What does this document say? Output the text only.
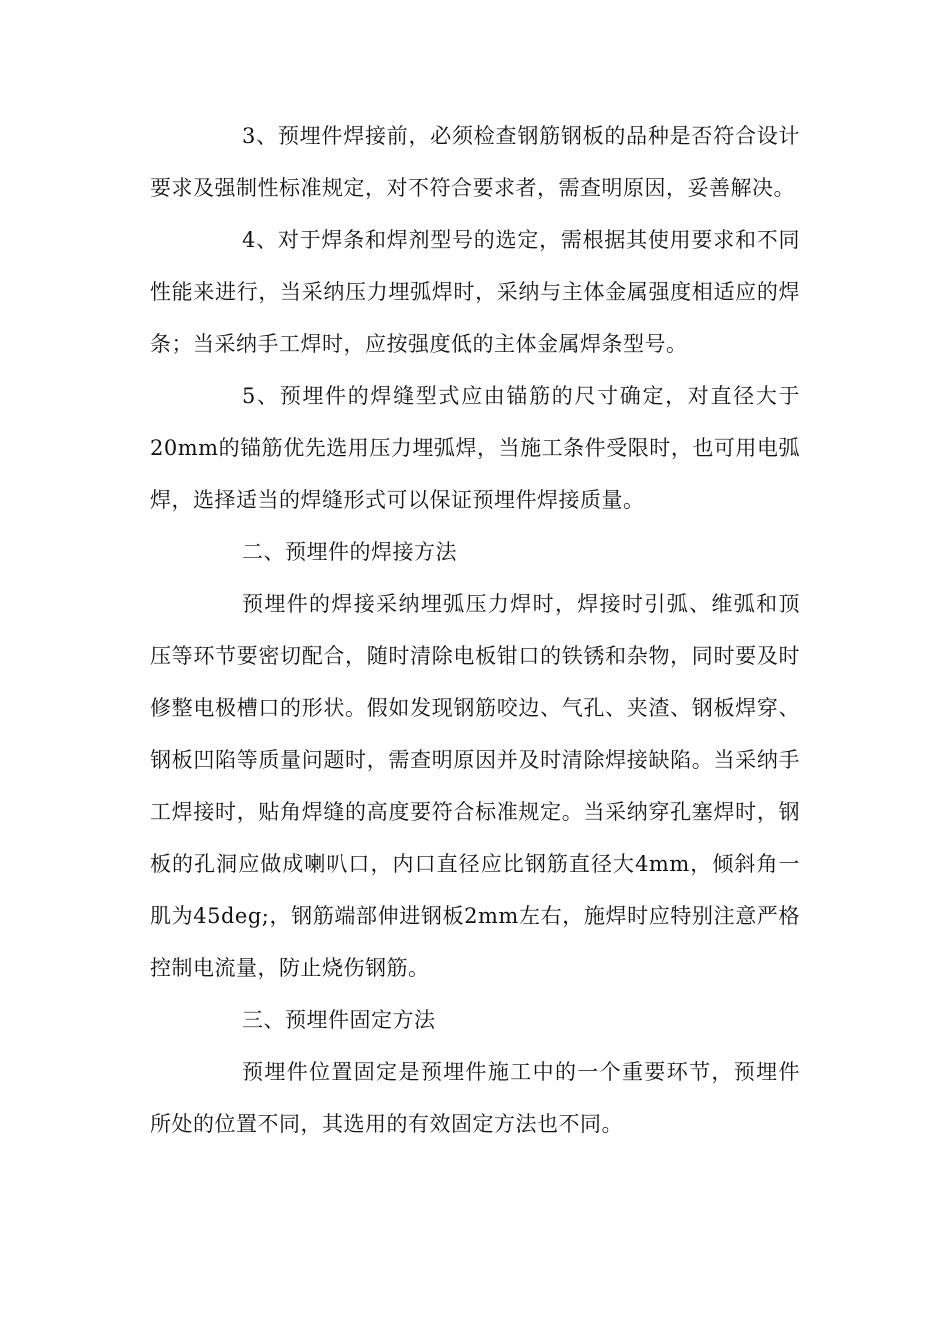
3、预埋件焊接前，必须检查钢筋钢板的品种是否符合设计要求及强制性标准规定，对不符合要求者，需查明原因，妥善解决。

4、对于焊条和焊剂型号的选定，需根据其使用要求和不同性能来进行，当采纳压力埋弧焊时，采纳与主体金属强度相适应的焊条；当采纳手工焊时，应按强度低的主体金属焊条型号。

5、预埋件的焊缝型式应由锚筋的尺寸确定，对直径大于20mm的锚筋优先选用压力埋弧焊，当施工条件受限时，也可用电弧焊，选择适当的焊缝形式可以保证预埋件焊接质量。

二、预埋件的焊接方法

预埋件的焊接采纳埋弧压力焊时，焊接时引弧、维弧和顶压等环节要密切配合，随时清除电板钳口的铁锈和杂物，同时要及时修整电极槽口的形状。假如发现钢筋咬边、气孔、夹渣、钢板焊穿、钢板凹陷等质量问题时，需查明原因并及时清除焊接缺陷。当采纳手工焊接时，贴角焊缝的高度要符合标准规定。当采纳穿孔塞焊时，钢板的孔洞应做成喇叭口，内口直径应比钢筋直径大4mm，倾斜角一肌为45deg;，钢筋端部伸进钢板2mm左右，施焊时应特别注意严格控制电流量，防止烧伤钢筋。

三、预埋件固定方法

预埋件位置固定是预埋件施工中的一个重要环节，预埋件所处的位置不同，其选用的有效固定方法也不同。
